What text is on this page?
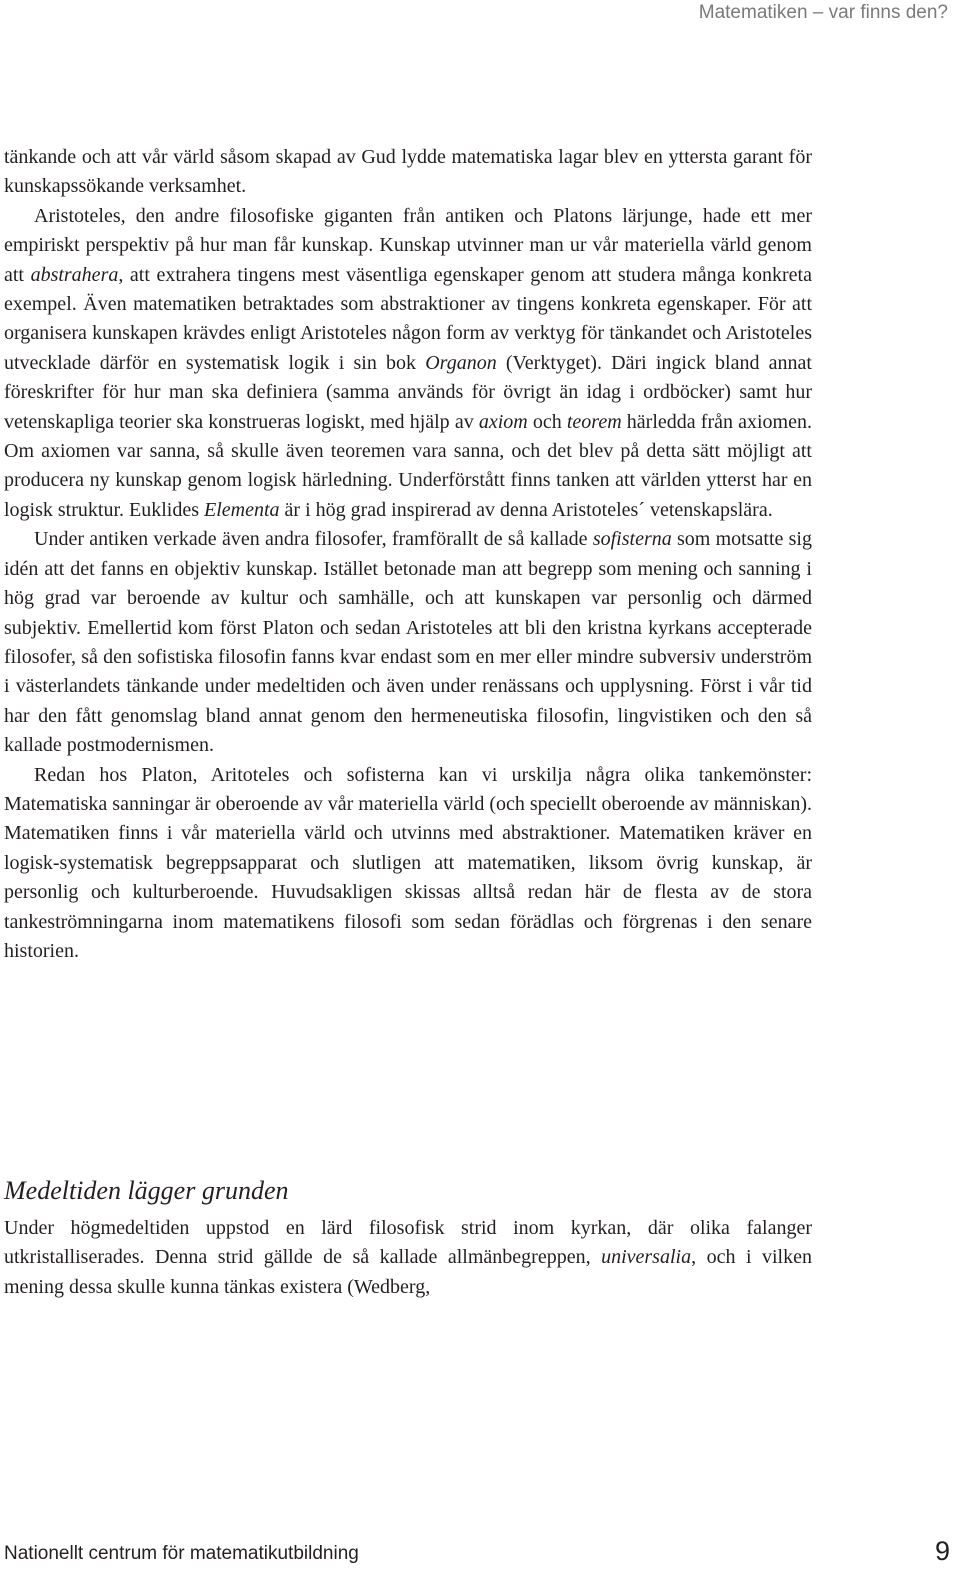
Matematiken – var finns den?

tänkande och att vår värld såsom skapad av Gud lydde matematiska lagar blev en yttersta garant för kunskapssökande verksamhet.

Aristoteles, den andre filosofiske giganten från antiken och Platons lärjunge, hade ett mer empiriskt perspektiv på hur man får kunskap. Kunskap utvinner man ur vår materiella värld genom att abstrahera, att extrahera tingens mest väsentliga egenskaper genom att studera många konkreta exempel. Även matematiken betraktades som abstraktioner av tingens konkreta egenskaper. För att organisera kunskapen krävdes enligt Aristoteles någon form av verktyg för tänkandet och Aristoteles utvecklade därför en systematisk logik i sin bok Organon (Verktyget). Däri ingick bland annat föreskrifter för hur man ska definiera (samma används för övrigt än idag i ordböcker) samt hur vetenskapliga teorier ska konstrueras logiskt, med hjälp av axiom och teorem härledda från axiomen. Om axiomen var sanna, så skulle även teoremen vara sanna, och det blev på detta sätt möjligt att producera ny kunskap genom logisk härledning. Underförstått finns tanken att världen ytterst har en logisk struktur. Euklides Elementa är i hög grad inspirerad av denna Aristoteles´ vetenskapslära.

Under antiken verkade även andra filosofer, framförallt de så kallade sofisterna som motsatte sig idén att det fanns en objektiv kunskap. Istället betonade man att begrepp som mening och sanning i hög grad var beroende av kultur och samhälle, och att kunskapen var personlig och därmed subjektiv. Emellertid kom först Platon och sedan Aristoteles att bli den kristna kyrkans accepterade filosofer, så den sofistiska filosofin fanns kvar endast som en mer eller mindre subversiv underström i västerlandets tänkande under medeltiden och även under renässans och upplysning. Först i vår tid har den fått genomslag bland annat genom den hermeneutiska filosofin, lingvistiken och den så kallade postmodernismen.

Redan hos Platon, Aritoteles och sofisterna kan vi urskilja några olika tankemönster: Matematiska sanningar är oberoende av vår materiella värld (och speciellt oberoende av människan). Matematiken finns i vår materiella värld och utvinns med abstraktioner. Matematiken kräver en logisk-systematisk begreppsapparat och slutligen att matematiken, liksom övrig kunskap, är personlig och kulturberoende. Huvudsakligen skissas alltså redan här de flesta av de stora tankeströmningarna inom matematikens filosofi som sedan förädlas och förgrenas i den senare historien.

Medeltiden lägger grunden

Under högmedeltiden uppstod en lärd filosofisk strid inom kyrkan, där olika falanger utkristalliserades. Denna strid gällde de så kallade allmänbegreppen, universalia, och i vilken mening dessa skulle kunna tänkas existera (Wedberg,

Nationellt centrum för matematikutbildning	9
